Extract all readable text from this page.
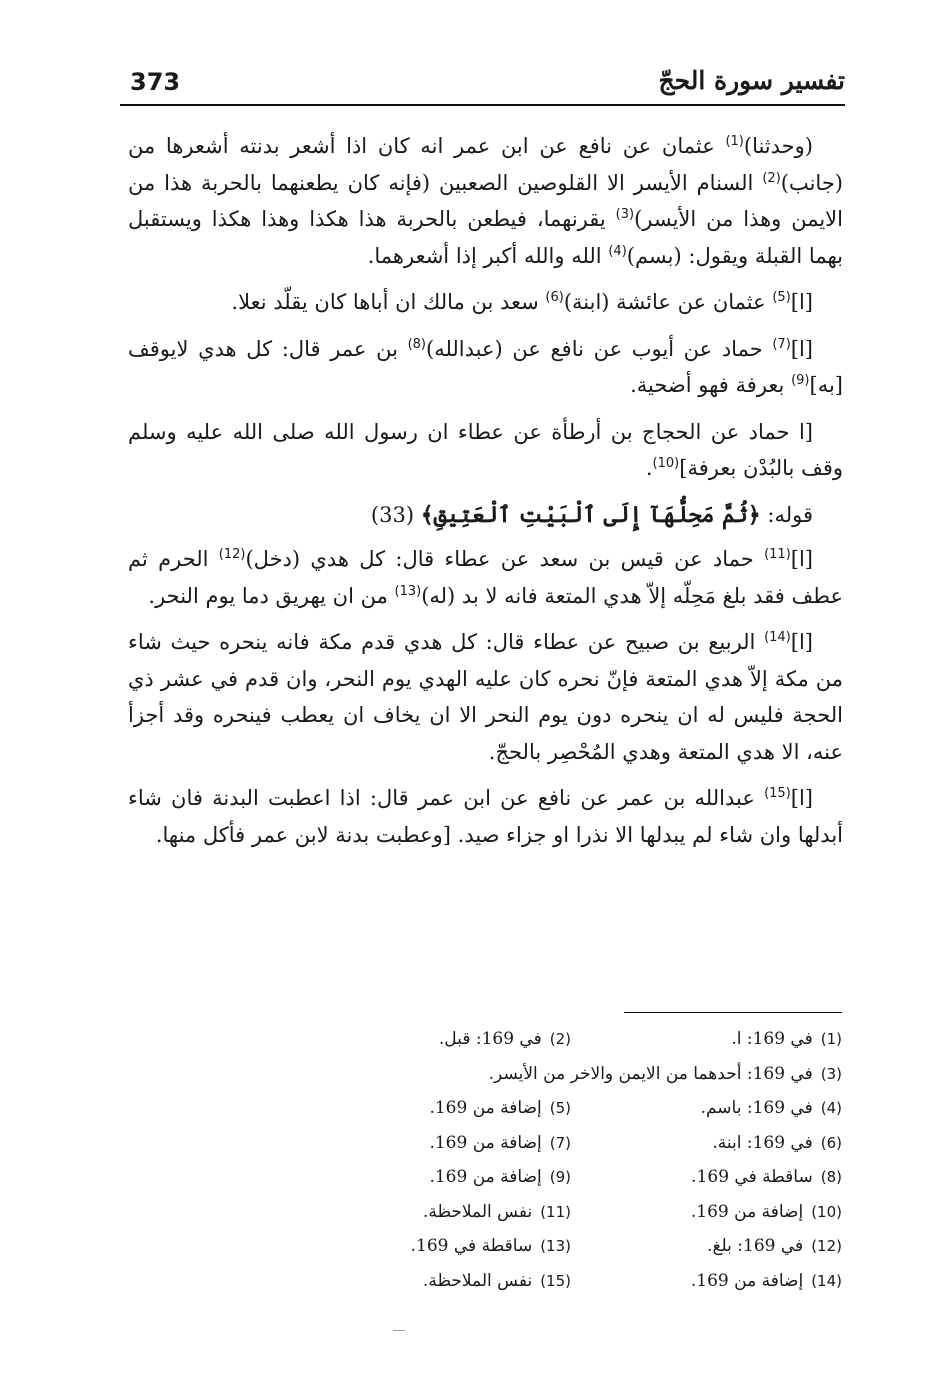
373	تفسير سورة الحجّ

(وحدثنا)$^{(1)}$ عثمان عن نافع عن ابن عمر انه كان اذا أشعر بدنته أشعرها من (جانب)$^{(2)}$ السنام الأيسر الا القلوصين الصعبين (فإنه كان يطعنهما بالحربة هذا من الايمن وهذا من الأيسر)$^{(3)}$ يقرنهما، فيطعن بالحربة هذا هكذا وهذا هكذا ويستقبل بهما القبلة ويقول: (بسم)$^{(4)}$ الله والله أكبر إذا أشعرهما.

[ا]$^{(5)}$ عثمان عن عائشة (ابنة)$^{(6)}$ سعد بن مالك ان أباها كان يقلّد نعلا.

[ا]$^{(7)}$ حماد عن أيوب عن نافع عن (عبدالله)$^{(8)}$ بن عمر قال: كل هدي لايوقف [به]$^{(9)}$ بعرفة فهو أضحية.

[ا حماد عن الحجاج بن أرطأة عن عطاء ان رسول الله صلى الله عليه وسلم وقف بالبُدْن بعرفة]$^{(10)}$.

قوله: ﴿ثُمَّ مَحِلُّهَآ إِلَى ٱلْبَيْتِ ٱلْعَتِيقِ﴾ (33)

[ا]$^{(11)}$ حماد عن قيس بن سعد عن عطاء قال: كل هدي (دخل)$^{(12)}$ الحرم ثم عطف فقد بلغ مَحِلّه إلاّ هدي المتعة فانه لا بد (له)$^{(13)}$ من ان يهريق دما يوم النحر.

[ا]$^{(14)}$ الربيع بن صبيح عن عطاء قال: كل هدي قدم مكة فانه ينحره حيث شاء من مكة إلاّ هدي المتعة فإنّ نحره كان عليه الهدي يوم النحر، وان قدم في عشر ذي الحجة فليس له ان ينحره دون يوم النحر الا ان يخاف ان يعطب فينحره وقد أجزأ عنه، الا هدي المتعة وهدي المُحْصِر بالحجّ.

[ا]$^{(15)}$ عبدالله بن عمر عن نافع عن ابن عمر قال: اذا اعطبت البدنة فان شاء أبدلها وان شاء لم يبدلها الا نذرا او جزاء صيد. [وعطبت بدنة لابن عمر فأكل منها.

(1)في 169: ا.
(2)في 169: قبل.
(3)في 169: أحدهما من الايمن والاخر من الأيسر.
(4)في 169: باسم.
(5)إضافة من 169.
(6)في 169: ابنة.
(7)إضافة من 169.
(8)ساقطة في 169.
(9)إضافة من 169.
(10)إضافة من 169.
(11)نفس الملاحظة.
(12)في 169: بلغ.
(13)ساقطة في 169.
(14)إضافة من 169.
(15)نفس الملاحظة.
